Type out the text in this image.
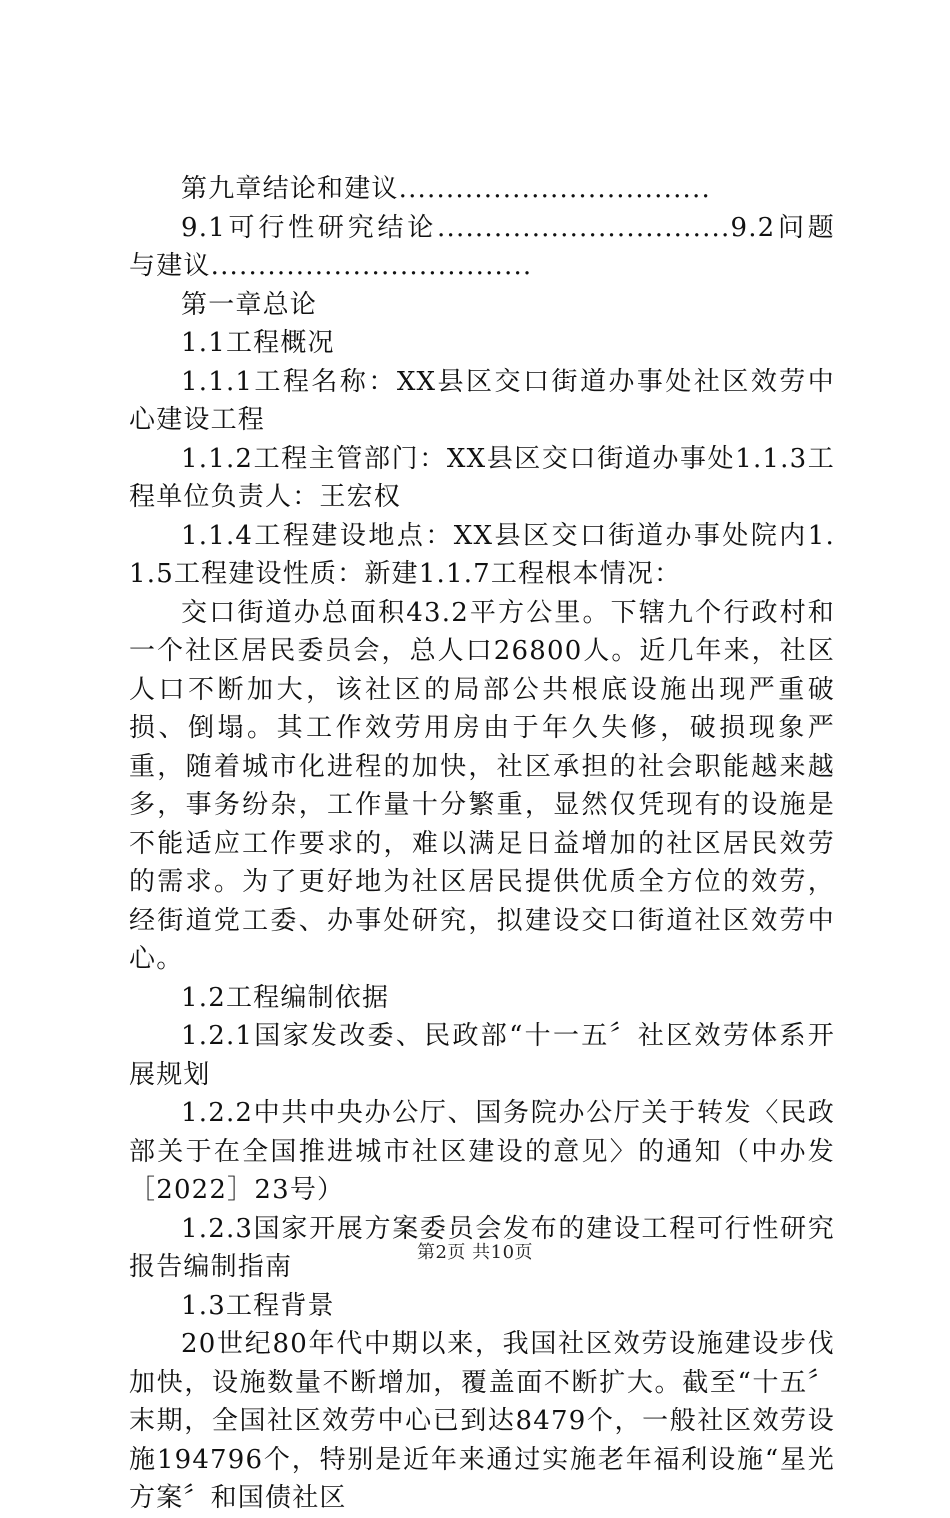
第九章结论和建议.................................

9.1可行性研究结论...............................9.2问题与建议..................................

第一章总论

1.1工程概况

1.1.1工程名称：XX县区交口街道办事处社区效劳中心建设工程

1.1.2工程主管部门：XX县区交口街道办事处1.1.3工程单位负责人：王宏权

1.1.4工程建设地点：XX县区交口街道办事处院内1.1.5工程建设性质：新建1.1.7工程根本情况：

交口街道办总面积43.2平方公里。下辖九个行政村和一个社区居民委员会，总人口26800人。近几年来，社区人口不断加大，该社区的局部公共根底设施出现严重破损、倒塌。其工作效劳用房由于年久失修，破损现象严重，随着城市化进程的加快，社区承担的社会职能越来越多，事务纷杂，工作量十分繁重，显然仅凭现有的设施是不能适应工作要求的，难以满足日益增加的社区居民效劳的需求。为了更好地为社区居民提供优质全方位的效劳，经街道党工委、办事处研究，拟建设交口街道社区效劳中心。

1.2工程编制依据

1.2.1国家发改委、民政部“十一五〞社区效劳体系开展规划

1.2.2中共中央办公厅、国务院办公厅关于转发〈民政部关于在全国推进城市社区建设的意见〉的通知（中办发［2022］23号）

1.2.3国家开展方案委员会发布的建设工程可行性研究报告编制指南

1.3工程背景

20世纪80年代中期以来，我国社区效劳设施建设步伐加快，设施数量不断增加，覆盖面不断扩大。截至“十五〞末期，全国社区效劳中心已到达8479个，一般社区效劳设施194796个，特别是近年来通过实施老年福利设施“星光方案〞和国债社区

第2页 共10页
